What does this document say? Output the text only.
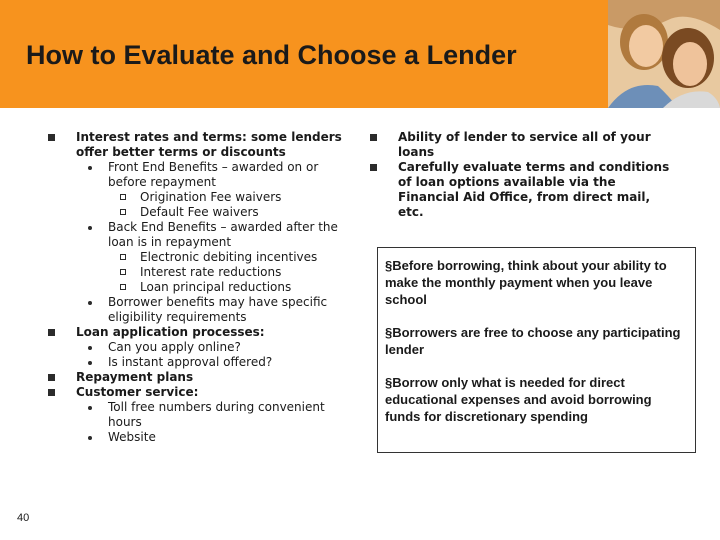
How to Evaluate and Choose a Lender
Interest rates and terms: some lenders offer better terms or discounts
Front End Benefits – awarded on or before repayment
Origination Fee waivers
Default Fee waivers
Back End Benefits – awarded after the loan is in repayment
Electronic debiting incentives
Interest rate reductions
Loan principal reductions
Borrower benefits may have specific eligibility requirements
Loan application processes:
Can you apply online?
Is instant approval offered?
Repayment plans
Customer service:
Toll free numbers during convenient hours
Website
Ability of lender to service all of your loans
Carefully evaluate terms and conditions of loan options available via the Financial Aid Office, from direct mail, etc.

§Before borrowing, think about your ability to make the monthly payment when you leave school

§Borrowers are free to choose any participating lender

§Borrow only what is needed for direct educational expenses and avoid borrowing funds for discretionary spending

40
